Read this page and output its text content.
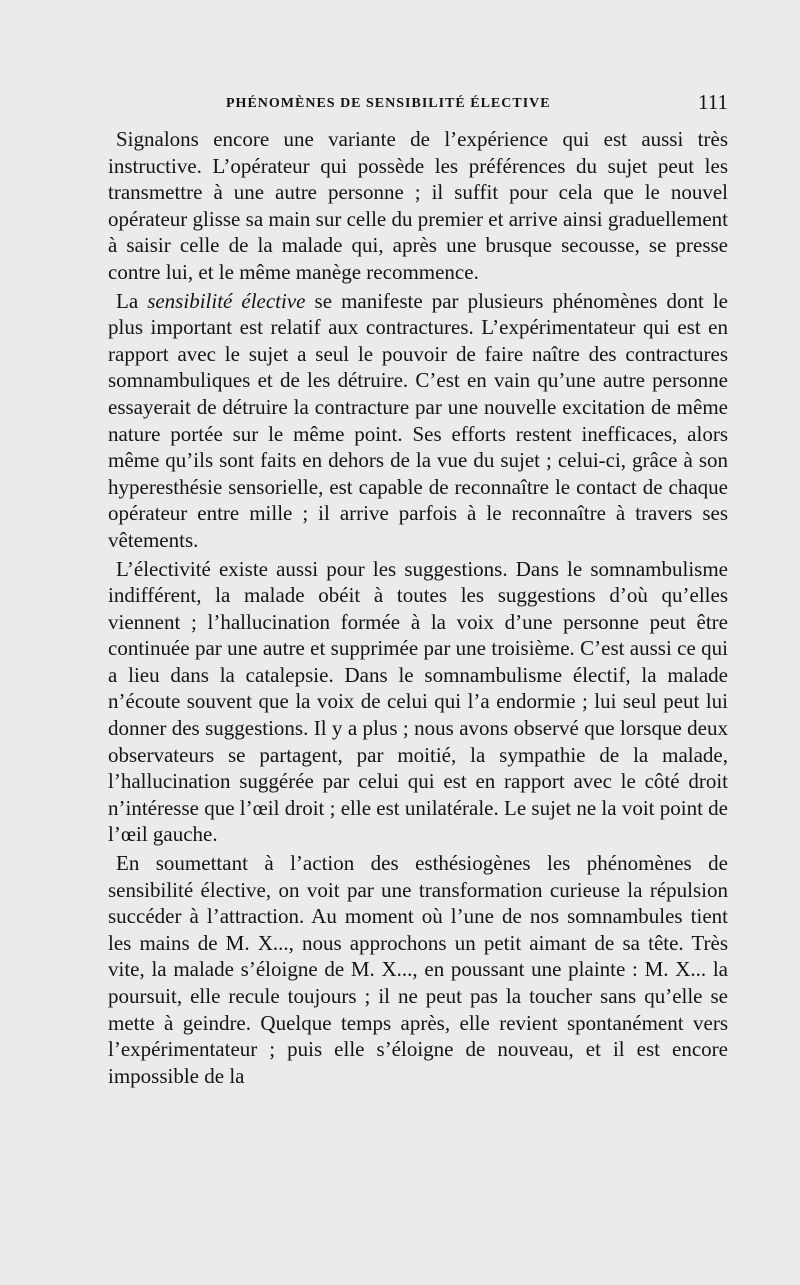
PHÉNOMÈNES DE SENSIBILITÉ ÉLECTIVE	111

Signalons encore une variante de l’expérience qui est aussi très instructive. L’opérateur qui possède les préférences du sujet peut les transmettre à une autre personne ; il suffit pour cela que le nouvel opérateur glisse sa main sur celle du premier et arrive ainsi graduellement à saisir celle de la malade qui, après une brusque secousse, se presse contre lui, et le même manège recommence.

La sensibilité élective se manifeste par plusieurs phénomènes dont le plus important est relatif aux contractures. L’expérimentateur qui est en rapport avec le sujet a seul le pouvoir de faire naître des contractures somnambuliques et de les détruire. C’est en vain qu’une autre personne essayerait de détruire la contracture par une nouvelle excitation de même nature portée sur le même point. Ses efforts restent inefficaces, alors même qu’ils sont faits en dehors de la vue du sujet ; celui-ci, grâce à son hyperesthésie sensorielle, est capable de reconnaître le contact de chaque opérateur entre mille ; il arrive parfois à le reconnaître à travers ses vêtements.

L’électivité existe aussi pour les suggestions. Dans le somnambulisme indifférent, la malade obéit à toutes les suggestions d’où qu’elles viennent ; l’hallucination formée à la voix d’une personne peut être continuée par une autre et supprimée par une troisième. C’est aussi ce qui a lieu dans la catalepsie. Dans le somnambulisme électif, la malade n’écoute souvent que la voix de celui qui l’a endormie ; lui seul peut lui donner des suggestions. Il y a plus ; nous avons observé que lorsque deux observateurs se partagent, par moitié, la sympathie de la malade, l’hallucination suggérée par celui qui est en rapport avec le côté droit n’intéresse que l’œil droit ; elle est unilatérale. Le sujet ne la voit point de l’œil gauche.

En soumettant à l’action des esthésiogènes les phénomènes de sensibilité élective, on voit par une transformation curieuse la répulsion succéder à l’attraction. Au moment où l’une de nos somnambules tient les mains de M. X..., nous approchons un petit aimant de sa tête. Très vite, la malade s’éloigne de M. X..., en poussant une plainte : M. X... la poursuit, elle recule toujours ; il ne peut pas la toucher sans qu’elle se mette à geindre. Quelque temps après, elle revient spontanément vers l’expérimentateur ; puis elle s’éloigne de nouveau, et il est encore impossible de la
